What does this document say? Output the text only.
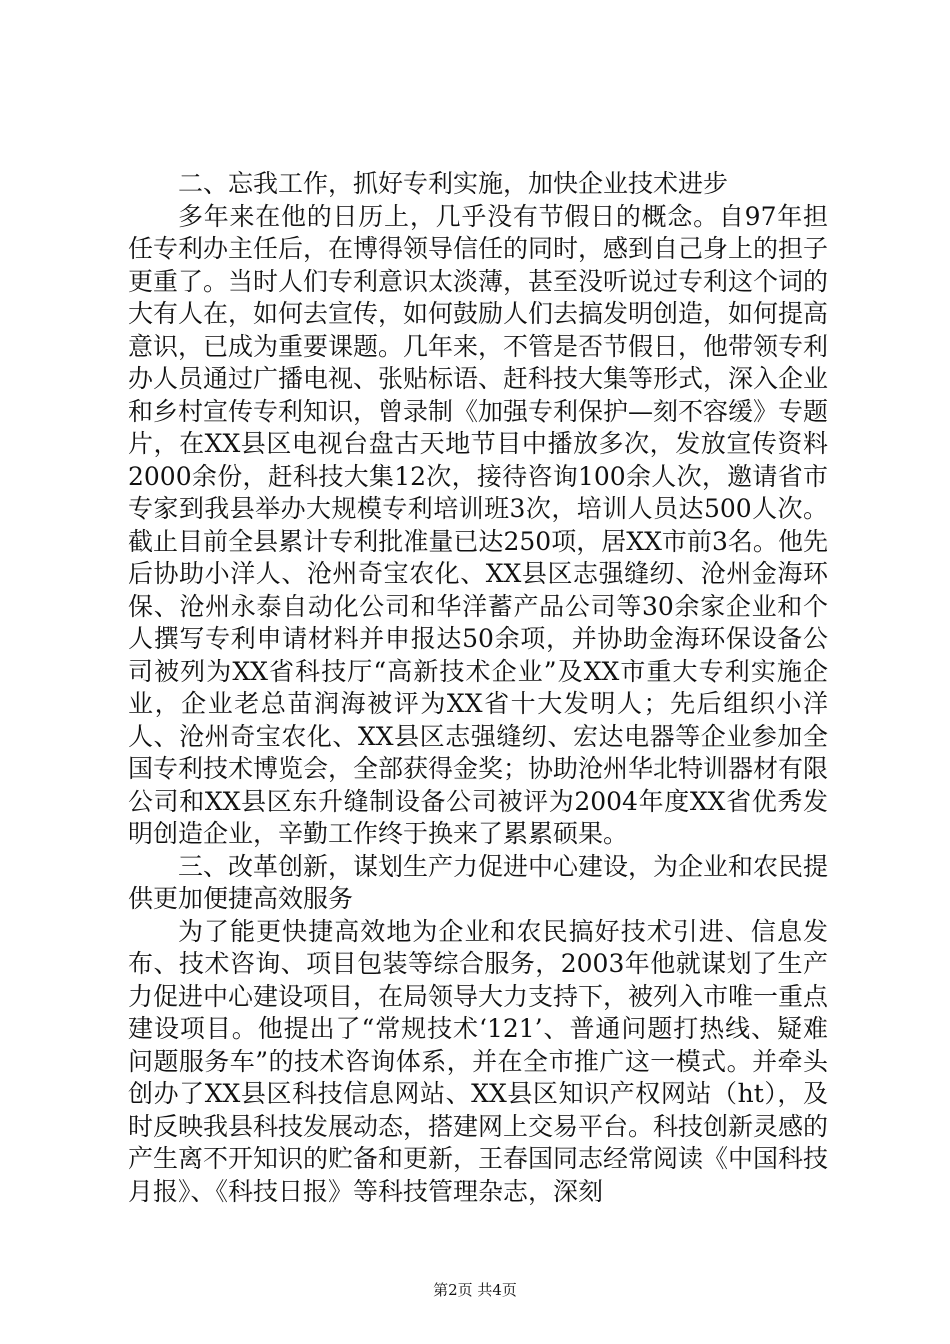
二、忘我工作，抓好专利实施，加快企业技术进步

多年来在他的日历上，几乎没有节假日的概念。自97年担任专利办主任后，在博得领导信任的同时，感到自己身上的担子更重了。当时人们专利意识太淡薄，甚至没听说过专利这个词的大有人在，如何去宣传，如何鼓励人们去搞发明创造，如何提高意识，已成为重要课题。几年来，不管是否节假日，他带领专利办人员通过广播电视、张贴标语、赶科技大集等形式，深入企业和乡村宣传专利知识，曾录制《加强专利保护—刻不容缓》专题片，在XX县区电视台盘古天地节目中播放多次，发放宣传资料2000余份，赶科技大集12次，接待咨询100余人次，邀请省市专家到我县举办大规模专利培训班3次，培训人员达500人次。截止目前全县累计专利批准量已达250项，居XX市前3名。他先后协助小洋人、沧州奇宝农化、XX县区志强缝纫、沧州金海环保、沧州永泰自动化公司和华洋蓄产品公司等30余家企业和个人撰写专利申请材料并申报达50余项，并协助金海环保设备公司被列为XX省科技厅“高新技术企业”及XX市重大专利实施企业，企业老总苗润海被评为XX省十大发明人；先后组织小洋人、沧州奇宝农化、XX县区志强缝纫、宏达电器等企业参加全国专利技术博览会，全部获得金奖；协助沧州华北特训器材有限公司和XX县区东升缝制设备公司被评为2004年度XX省优秀发明创造企业，辛勤工作终于换来了累累硕果。

三、改革创新，谋划生产力促进中心建设，为企业和农民提供更加便捷高效服务

为了能更快捷高效地为企业和农民搞好技术引进、信息发布、技术咨询、项目包装等综合服务，2003年他就谋划了生产力促进中心建设项目，在局领导大力支持下，被列入市唯一重点建设项目。他提出了“常规技术‘121’、普通问题打热线、疑难问题服务车”的技术咨询体系，并在全市推广这一模式。并牵头创办了XX县区科技信息网站、XX县区知识产权网站（ht），及时反映我县科技发展动态，搭建网上交易平台。科技创新灵感的产生离不开知识的贮备和更新，王春国同志经常阅读《中国科技月报》、《科技日报》等科技管理杂志，深刻

第2页 共4页
